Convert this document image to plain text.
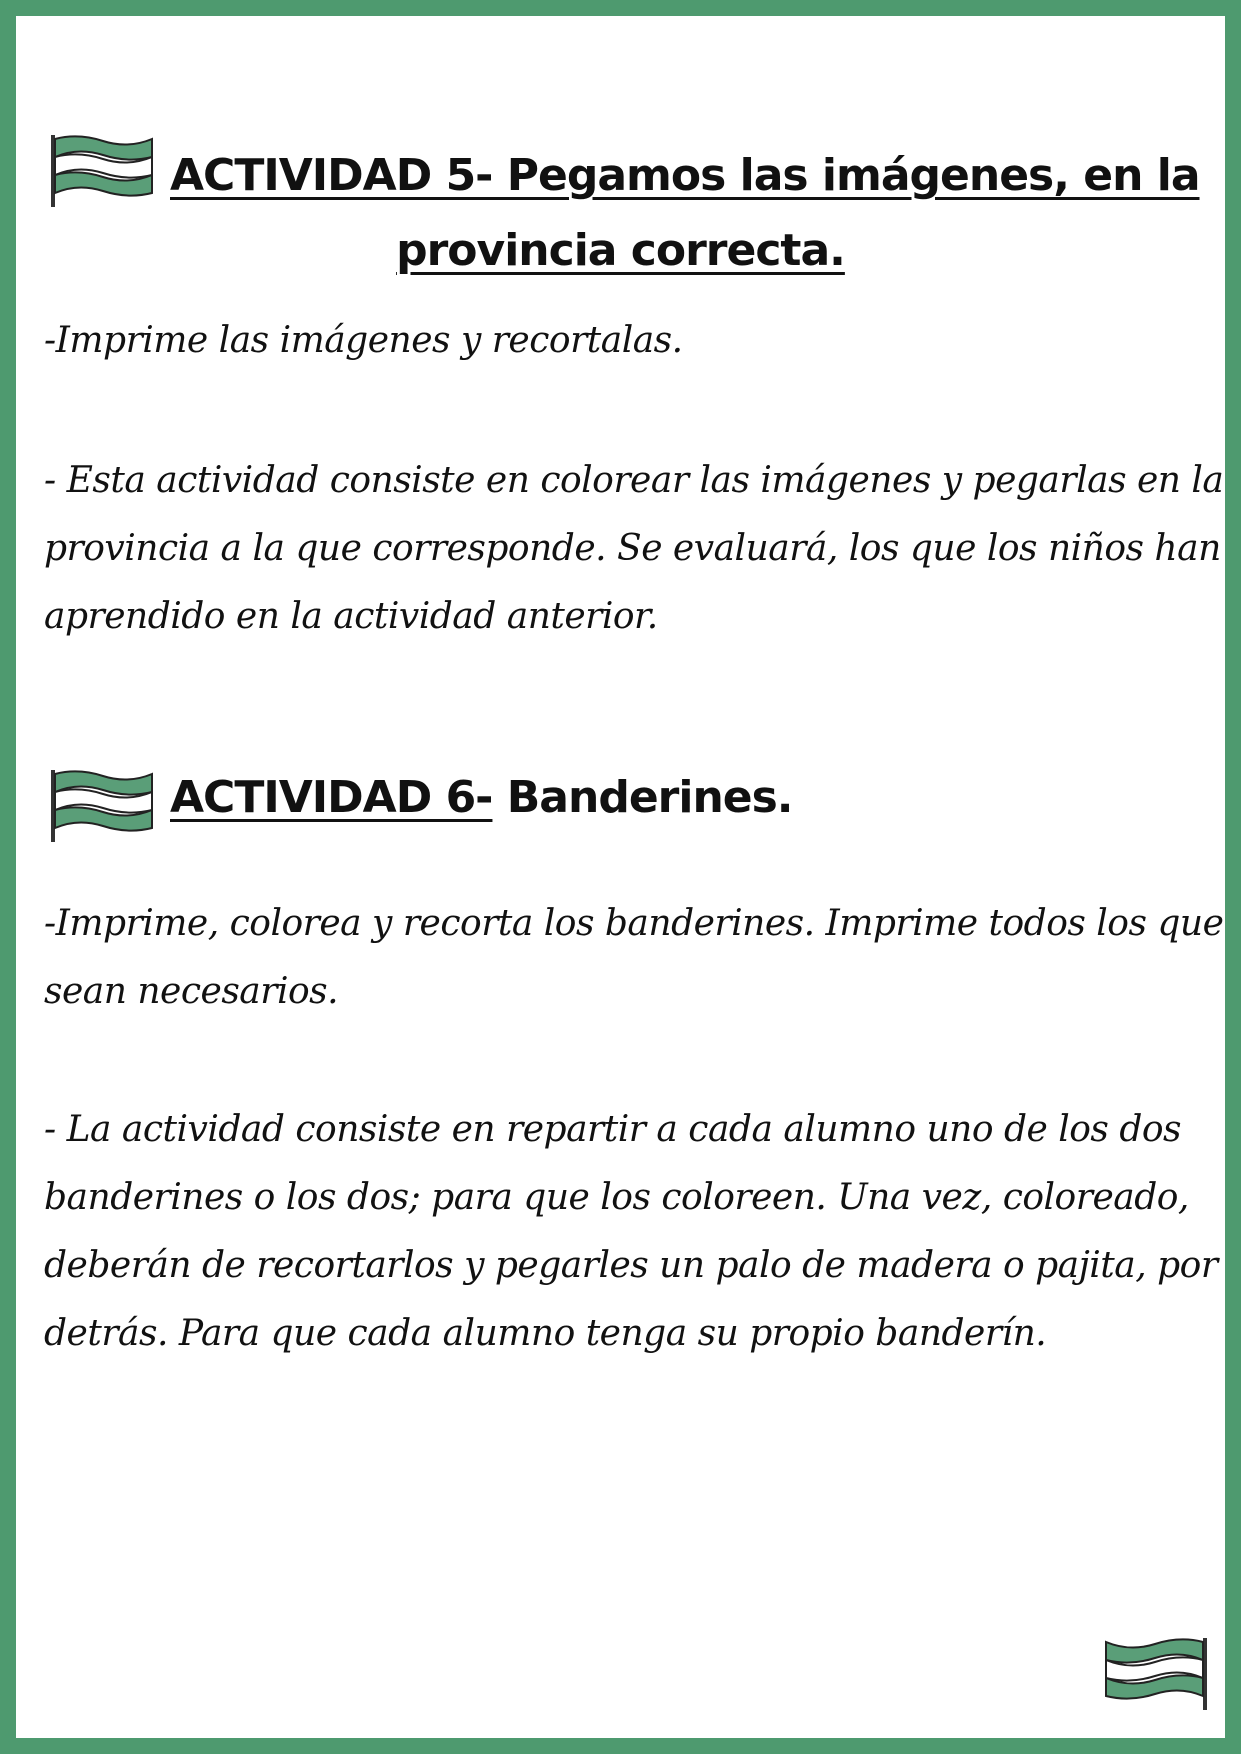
ACTIVIDAD 5- Pegamos las imágenes, en la
provincia correcta.

-Imprime las imágenes y recortalas.

- Esta actividad consiste en colorear las imágenes y pegarlas en la provincia a la que corresponde. Se evaluará, los que los niños han aprendido en la actividad anterior.

ACTIVIDAD 6- Banderines.

-Imprime, colorea y recorta los banderines. Imprime todos los que sean necesarios.

- La actividad consiste en repartir a cada alumno uno de los dos banderines o los dos; para que los coloreen. Una vez, coloreado, deberán de recortarlos y pegarles un palo de madera o pajita, por detrás. Para que cada alumno tenga su propio banderín.
